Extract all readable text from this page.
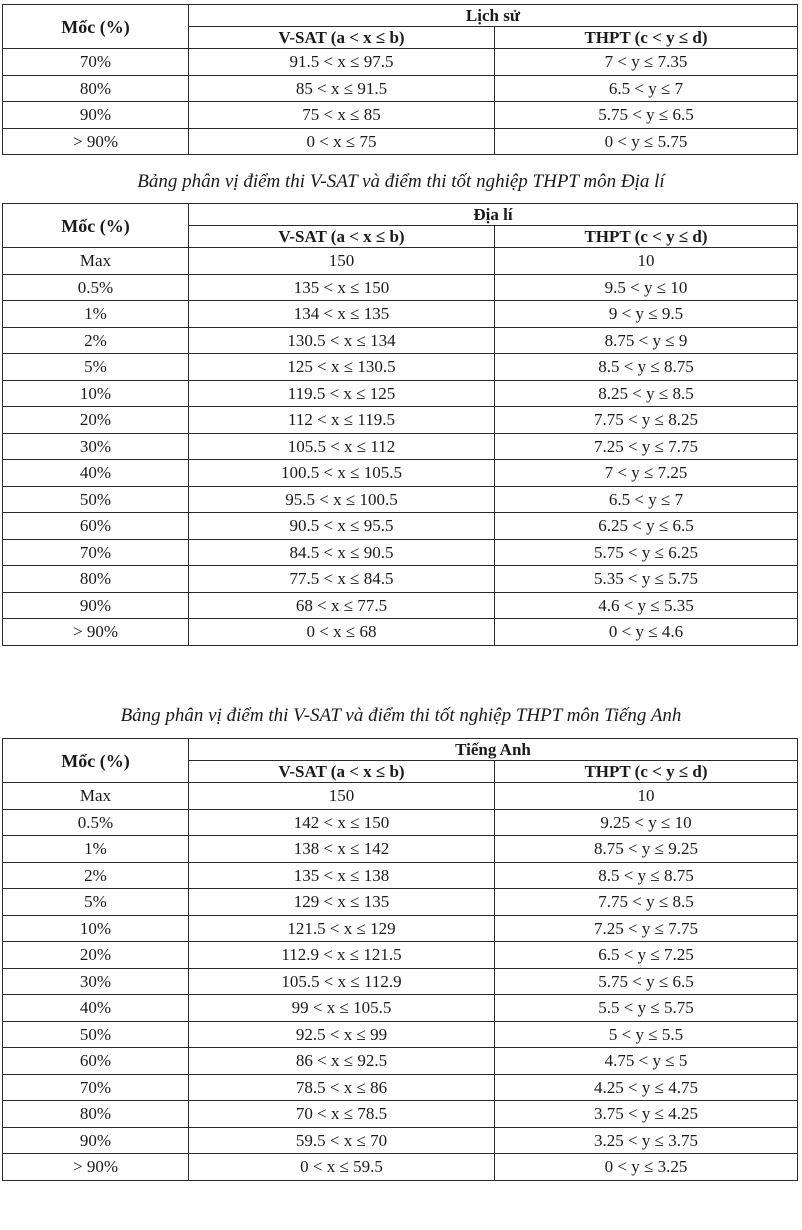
Mốc (%)	Lịch sử	
	V-SAT (a < x ≤ b)	THPT (c < y ≤ d)
70%	91.5 < x ≤ 97.5	7 < y ≤ 7.35
80%	85 < x ≤ 91.5	6.5 < y ≤ 7
90%	75 < x ≤ 85	5.75 < y ≤ 6.5
> 90%	0 < x ≤ 75	0 < y ≤ 5.75
Bảng phân vị điểm thi V-SAT và điểm thi tốt nghiệp THPT môn Địa lí
Mốc (%)	Địa lí	
	V-SAT (a < x ≤ b)	THPT (c < y ≤ d)
Max	150	10
0.5%	135 < x ≤ 150	9.5 < y ≤ 10
1%	134 < x ≤ 135	9 < y ≤ 9.5
2%	130.5 < x ≤ 134	8.75 < y ≤ 9
5%	125 < x ≤ 130.5	8.5 < y ≤ 8.75
10%	119.5 < x ≤ 125	8.25 < y ≤ 8.5
20%	112 < x ≤ 119.5	7.75 < y ≤ 8.25
30%	105.5 < x ≤ 112	7.25 < y ≤ 7.75
40%	100.5 < x ≤ 105.5	7 < y ≤ 7.25
50%	95.5 < x ≤ 100.5	6.5 < y ≤ 7
60%	90.5 < x ≤ 95.5	6.25 < y ≤ 6.5
70%	84.5 < x ≤ 90.5	5.75 < y ≤ 6.25
80%	77.5 < x ≤ 84.5	5.35 < y ≤ 5.75
90%	68 < x ≤ 77.5	4.6 < y ≤ 5.35
> 90%	0 < x ≤ 68	0 < y ≤ 4.6
Bảng phân vị điểm thi V-SAT và điểm thi tốt nghiệp THPT môn Tiếng Anh
Mốc (%)	Tiếng Anh	
	V-SAT (a < x ≤ b)	THPT (c < y ≤ d)
Max	150	10
0.5%	142 < x ≤ 150	9.25 < y ≤ 10
1%	138 < x ≤ 142	8.75 < y ≤ 9.25
2%	135 < x ≤ 138	8.5 < y ≤ 8.75
5%	129 < x ≤ 135	7.75 < y ≤ 8.5
10%	121.5 < x ≤ 129	7.25 < y ≤ 7.75
20%	112.9 < x ≤ 121.5	6.5 < y ≤ 7.25
30%	105.5 < x ≤ 112.9	5.75 < y ≤ 6.5
40%	99 < x ≤ 105.5	5.5 < y ≤ 5.75
50%	92.5 < x ≤ 99	5 < y ≤ 5.5
60%	86 < x ≤ 92.5	4.75 < y ≤ 5
70%	78.5 < x ≤ 86	4.25 < y ≤ 4.75
80%	70 < x ≤ 78.5	3.75 < y ≤ 4.25
90%	59.5 < x ≤ 70	3.25 < y ≤ 3.75
> 90%	0 < x ≤ 59.5	0 < y ≤ 3.25
